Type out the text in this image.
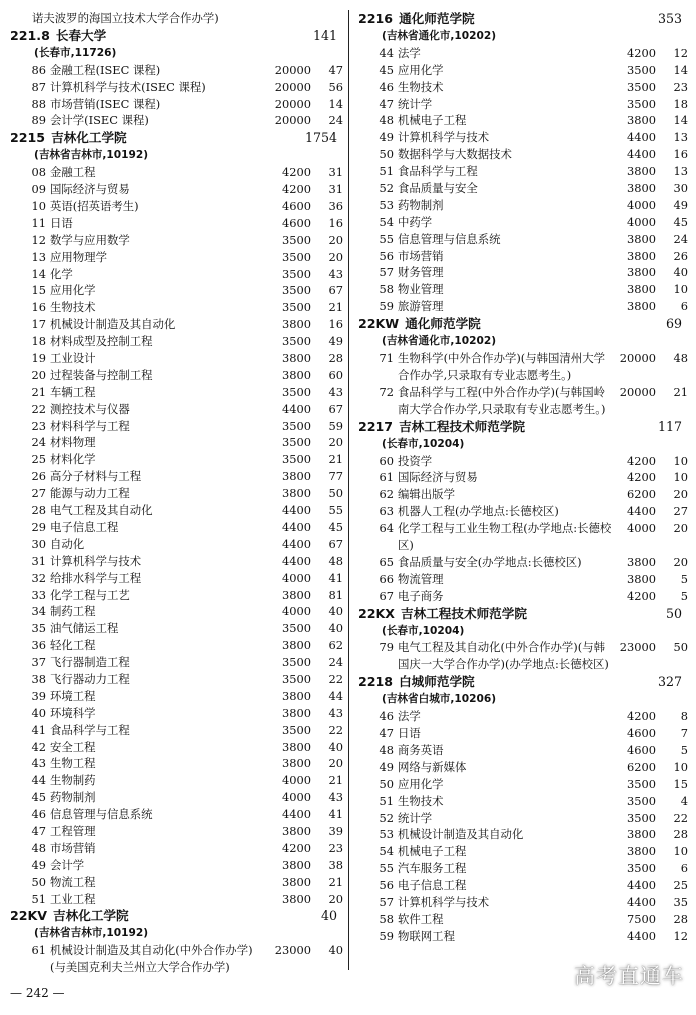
诺夫波罗的海国立技术大学合作办学)
221.8 长春大学	141
(长春市,11726)
86 金融工程(ISEC 课程)	20000	47
87 计算机科学与技术(ISEC 课程)	20000	56
88 市场营销(ISEC 课程)	20000	14
89 会计学(ISEC 课程)	20000	24
2215 吉林化工学院	1754
(吉林省吉林市,10192)
08 金融工程	4200	31
09 国际经济与贸易	4200	31
10 英语(招英语考生)	4600	36
11 日语	4600	16
12 数学与应用数学	3500	20
13 应用物理学	3500	20
14 化学	3500	43
15 应用化学	3500	67
16 生物技术	3500	21
17 机械设计制造及其自动化	3800	16
18 材料成型及控制工程	3500	49
19 工业设计	3800	28
20 过程装备与控制工程	3800	60
21 车辆工程	3500	43
22 测控技术与仪器	4400	67
23 材料科学与工程	3500	59
24 材料物理	3500	20
25 材料化学	3500	21
26 高分子材料与工程	3800	77
27 能源与动力工程	3800	50
28 电气工程及其自动化	4400	55
29 电子信息工程	4400	45
30 自动化	4400	67
31 计算机科学与技术	4400	48
32 给排水科学与工程	4000	41
33 化学工程与工艺	3800	81
34 制药工程	4000	40
35 油气储运工程	3500	40
36 轻化工程	3800	62
37 飞行器制造工程	3500	24
38 飞行器动力工程	3500	22
39 环境工程	3800	44
40 环境科学	3800	43
41 食品科学与工程	3500	22
42 安全工程	3800	40
43 生物工程	3800	20
44 生物制药	4000	21
45 药物制剂	4000	43
46 信息管理与信息系统	4400	41
47 工程管理	3800	39
48 市场营销	4200	23
49 会计学	3800	38
50 物流工程	3800	21
51 工业工程	3800	20
22KV 吉林化工学院	40
(吉林省吉林市,10192)
61 机械设计制造及其自动化(中外合作办学)	23000	40
(与美国克利夫兰州立大学合作办学)
2216 通化师范学院	353
(吉林省通化市,10202)
44 法学	4200	12
45 应用化学	3500	14
46 生物技术	3500	23
47 统计学	3500	18
48 机械电子工程	3800	14
49 计算机科学与技术	4400	13
50 数据科学与大数据技术	4400	16
51 食品科学与工程	3800	13
52 食品质量与安全	3800	30
53 药物制剂	4000	49
54 中药学	4000	45
55 信息管理与信息系统	3800	24
56 市场营销	3800	26
57 财务管理	3800	40
58 物业管理	3800	10
59 旅游管理	3800	6
22KW 通化师范学院	69
(吉林省通化市,10202)
71 生物科学(中外合作办学)(与韩国清州大学合作办学,只录取有专业志愿考生。)
20000	48
72 食品科学与工程(中外合作办学)(与韩国岭南大学合作办学,只录取有专业志愿考生。)
20000	21
2217 吉林工程技术师范学院	117
(长春市,10204)
60 投资学	4200	10
61 国际经济与贸易	4200	10
62 编辑出版学	6200	20
63 机器人工程(办学地点:长德校区)	4400	27
64 化学工程与工业生物工程(办学地点:长德校区)
4000	20
65 食品质量与安全(办学地点:长德校区)	3800	20
66 物流管理	3800	5
67 电子商务	4200	5
22KX 吉林工程技术师范学院	50
(长春市,10204)
79 电气工程及其自动化(中外合作办学)(与韩国庆一大学合作办学)(办学地点:长德校区)
23000	50
2218 白城师范学院	327
(吉林省白城市,10206)
46 法学	4200	8
47 日语	4600	7
48 商务英语	4600	5
49 网络与新媒体	6200	10
50 应用化学	3500	15
51 生物技术	3500	4
52 统计学	3500	22
53 机械设计制造及其自动化	3800	28
54 机械电子工程	3800	10
55 汽车服务工程	3500	6
56 电子信息工程	4400	25
57 计算机科学与技术	4400	35
58 软件工程	7500	28
59 物联网工程	4400	12
— 242 —
高考直通车
